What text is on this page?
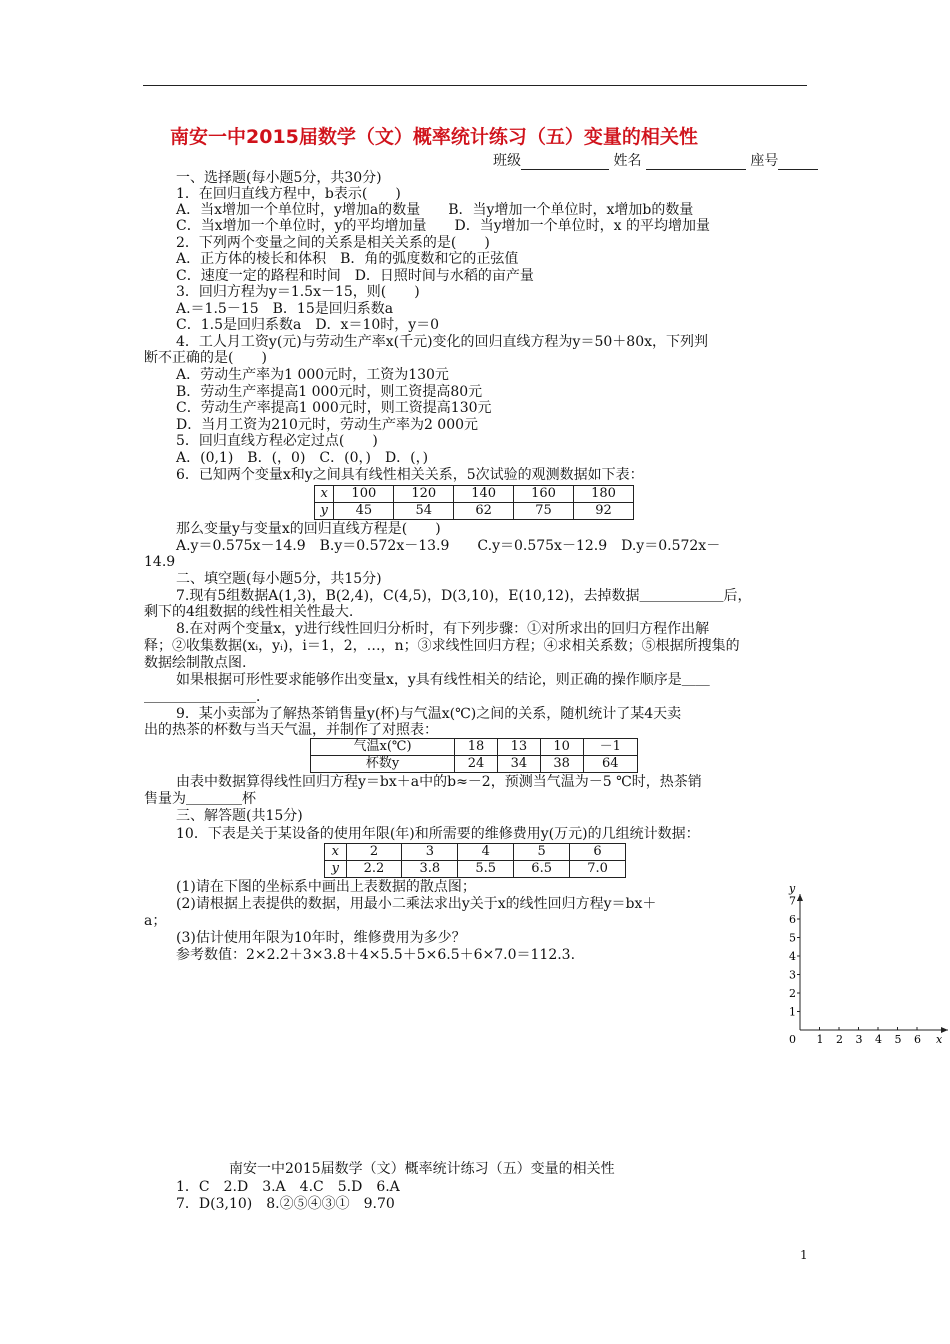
南安一中2015届数学（文）概率统计练习（五）变量的相关性
班级	姓名	座号
一、选择题(每小题5分，共30分)
1．在回归直线方程中，b表示(　　)
A．当x增加一个单位时，y增加a的数量　　B．当y增加一个单位时，x增加b的数量
C．当x增加一个单位时，y的平均增加量　　D．当y增加一个单位时，x 的平均增加量
2．下列两个变量之间的关系是相关关系的是(　　)
A．正方体的棱长和体积　B．角的弧度数和它的正弦值
C．速度一定的路程和时间　D．日照时间与水稻的亩产量
3．回归方程为y＝1.5x－15，则(　　)
A.＝1.5－15　B．15是回归系数a
C．1.5是回归系数a　D．x＝10时，y＝0
4．工人月工资y(元)与劳动生产率x(千元)变化的回归直线方程为y＝50＋80x，下列判
断不正确的是(　　)
A．劳动生产率为1 000元时，工资为130元
B．劳动生产率提高1 000元时，则工资提高80元
C．劳动生产率提高1 000元时，则工资提高130元
D．当月工资为210元时，劳动生产率为2 000元
5．回归直线方程必定过点(　　)
A．(0,1)　B．(，0)　C．(0，)　D．(，)
6．已知两个变量x和y之间具有线性相关关系，5次试验的观测数据如下表：
x	100	120	140	160	180
y	45	54	62	75	92
那么变量y与变量x的回归直线方程是(　　)
A.y＝0.575x－14.9　B.y＝0.572x－13.9　　C.y＝0.575x－12.9　D.y＝0.572x－
14.9
二、填空题(每小题5分，共15分)
7.现有5组数据A(1,3)，B(2,4)，C(4,5)，D(3,10)，E(10,12)，去掉数据＿＿＿＿＿＿后，
剩下的4组数据的线性相关性最大.
8.在对两个变量x，y进行线性回归分析时，有下列步骤：①对所求出的回归方程作出解
释；②收集数据(xᵢ，yᵢ)，i＝1，2，…，n；③求线性回归方程；④求相关系数；⑤根据所搜集的
数据绘制散点图.
如果根据可形性要求能够作出变量x，y具有线性相关的结论，则正确的操作顺序是＿＿
＿＿＿＿＿＿＿＿．
9．某小卖部为了解热茶销售量y(杯)与气温x(℃)之间的关系，随机统计了某4天卖
出的热茶的杯数与当天气温，并制作了对照表：
气温x(℃)	18	13	10	－1
杯数y	24	34	38	64
由表中数据算得线性回归方程y＝bx＋a中的b≈－2，预测当气温为－5 ℃时，热茶销
售量为＿＿＿＿杯
三、解答题(共15分)
10．下表是关于某设备的使用年限(年)和所需要的维修费用y(万元)的几组统计数据：
x	2	3	4	5	6
y	2.2	3.8	5.5	6.5	7.0
(1)请在下图的坐标系中画出上表数据的散点图；
(2)请根据上表提供的数据，用最小二乘法求出y关于x的线性回归方程y＝bx＋
a；
(3)估计使用年限为10年时，维修费用为多少？
参考数值：2×2.2＋3×3.8＋4×5.5＋5×6.5＋6×7.0＝112.3.
y
x
0
1
2
3
4
5
6
7
1 2 3 4 5 6
南安一中2015届数学（文）概率统计练习（五）变量的相关性
1．C　2.D　3.A　4.C　5.D　6.A
7．D(3,10)　8.②⑤④③①　9.70
1
